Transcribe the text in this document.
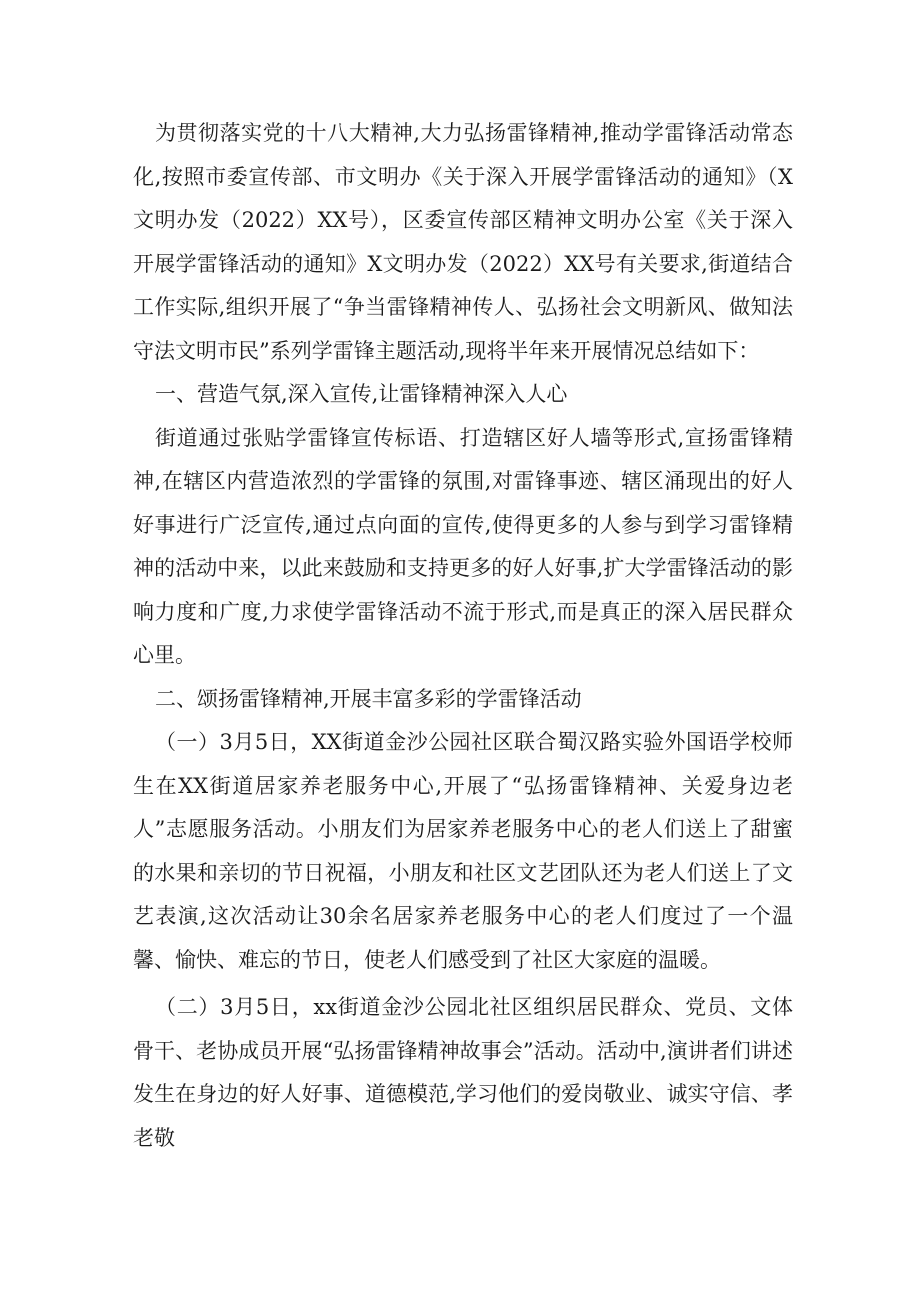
为贯彻落实党的十八大精神,大力弘扬雷锋精神,推动学雷锋活动常态化,按照市委宣传部、市文明办《关于深入开展学雷锋活动的通知》（X文明办发（2022）XX号），区委宣传部区精神文明办公室《关于深入开展学雷锋活动的通知》X文明办发（2022）XX号有关要求,街道结合工作实际,组织开展了“争当雷锋精神传人、弘扬社会文明新风、做知法守法文明市民”系列学雷锋主题活动,现将半年来开展情况总结如下：

一、营造气氛,深入宣传,让雷锋精神深入人心

街道通过张贴学雷锋宣传标语、打造辖区好人墙等形式,宣扬雷锋精神,在辖区内营造浓烈的学雷锋的氛围,对雷锋事迹、辖区涌现出的好人好事进行广泛宣传,通过点向面的宣传,使得更多的人参与到学习雷锋精神的活动中来，以此来鼓励和支持更多的好人好事,扩大学雷锋活动的影响力度和广度,力求使学雷锋活动不流于形式,而是真正的深入居民群众心里。

二、颂扬雷锋精神,开展丰富多彩的学雷锋活动

（一）3月5日，XX街道金沙公园社区联合蜀汉路实验外国语学校师生在XX街道居家养老服务中心,开展了“弘扬雷锋精神、关爱身边老人”志愿服务活动。小朋友们为居家养老服务中心的老人们送上了甜蜜的水果和亲切的节日祝福，小朋友和社区文艺团队还为老人们送上了文艺表演,这次活动让30余名居家养老服务中心的老人们度过了一个温馨、愉快、难忘的节日，使老人们感受到了社区大家庭的温暖。

（二）3月5日，xx街道金沙公园北社区组织居民群众、党员、文体骨干、老协成员开展“弘扬雷锋精神故事会”活动。活动中,演讲者们讲述发生在身边的好人好事、道德模范,学习他们的爱岗敬业、诚实守信、孝老敬
